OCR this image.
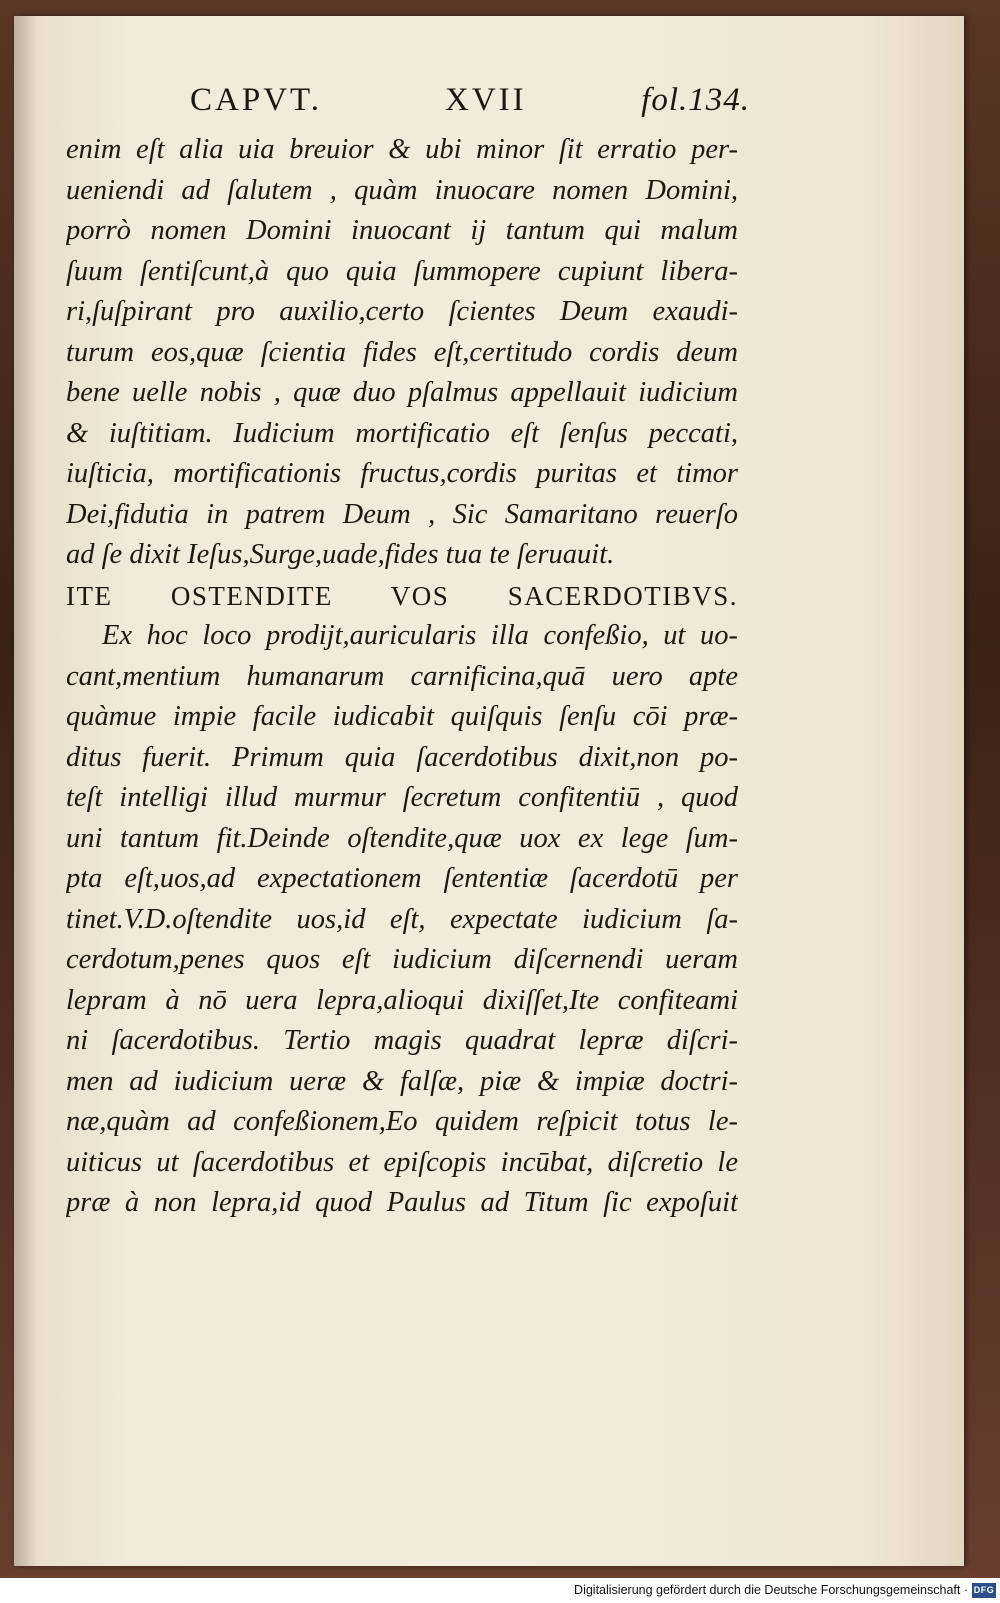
CAPVT.	XVII	fol.134.
enim eſt alia uia breuior & ubi minor ſit erratio per-
ueniendi ad ſalutem , quàm inuocare nomen Domini,
porrò nomen Domini inuocant ij tantum qui malum
ſuum ſentiſcunt,à quo quia ſummopere cupiunt libera-
ri,ſuſpirant pro auxilio,certo ſcientes Deum exaudi-
turum eos,quæ ſcientia fides eſt,certitudo cordis deum
bene uelle nobis , quæ duo pſalmus appellauit iudicium
& iuſtitiam. Iudicium mortificatio eſt ſenſus peccati,
iuſticia, mortificationis fructus,cordis puritas et timor
Dei,fidutia in patrem Deum , Sic Samaritano reuerſo
ad ſe dixit Ieſus,Surge,uade,fides tua te ſeruauit.
ITE OSTENDITE VOS SACERDOTIBVS.
Ex hoc loco prodijt,auricularis illa confeßio, ut uo-
cant,mentium humanarum carnificina,quā uero apte
quàmue impie facile iudicabit quiſquis ſenſu cōi præ-
ditus fuerit. Primum quia ſacerdotibus dixit,non po-
teſt intelligi illud murmur ſecretum confitentiū , quod
uni tantum fit.Deinde oſtendite,quæ uox ex lege ſum-
pta eſt,uos,ad expectationem ſententiæ ſacerdotū per
tinet.V.D.oſtendite uos,id eſt, expectate iudicium ſa-
cerdotum,penes quos eſt iudicium diſcernendi ueram
lepram à nō uera lepra,alioqui dixiſſet,Ite confiteami
ni ſacerdotibus. Tertio magis quadrat lepræ diſcri-
men ad iudicium ueræ & falſæ, piæ & impiæ doctri-
næ,quàm ad confeßionem,Eo quidem reſpicit totus le-
uiticus ut ſacerdotibus et epiſcopis incūbat, diſcretio le
præ à non lepra,id quod Paulus ad Titum ſic expoſuit
Digitalisierung gefördert durch die Deutsche Forschungsgemeinschaft · DFG
